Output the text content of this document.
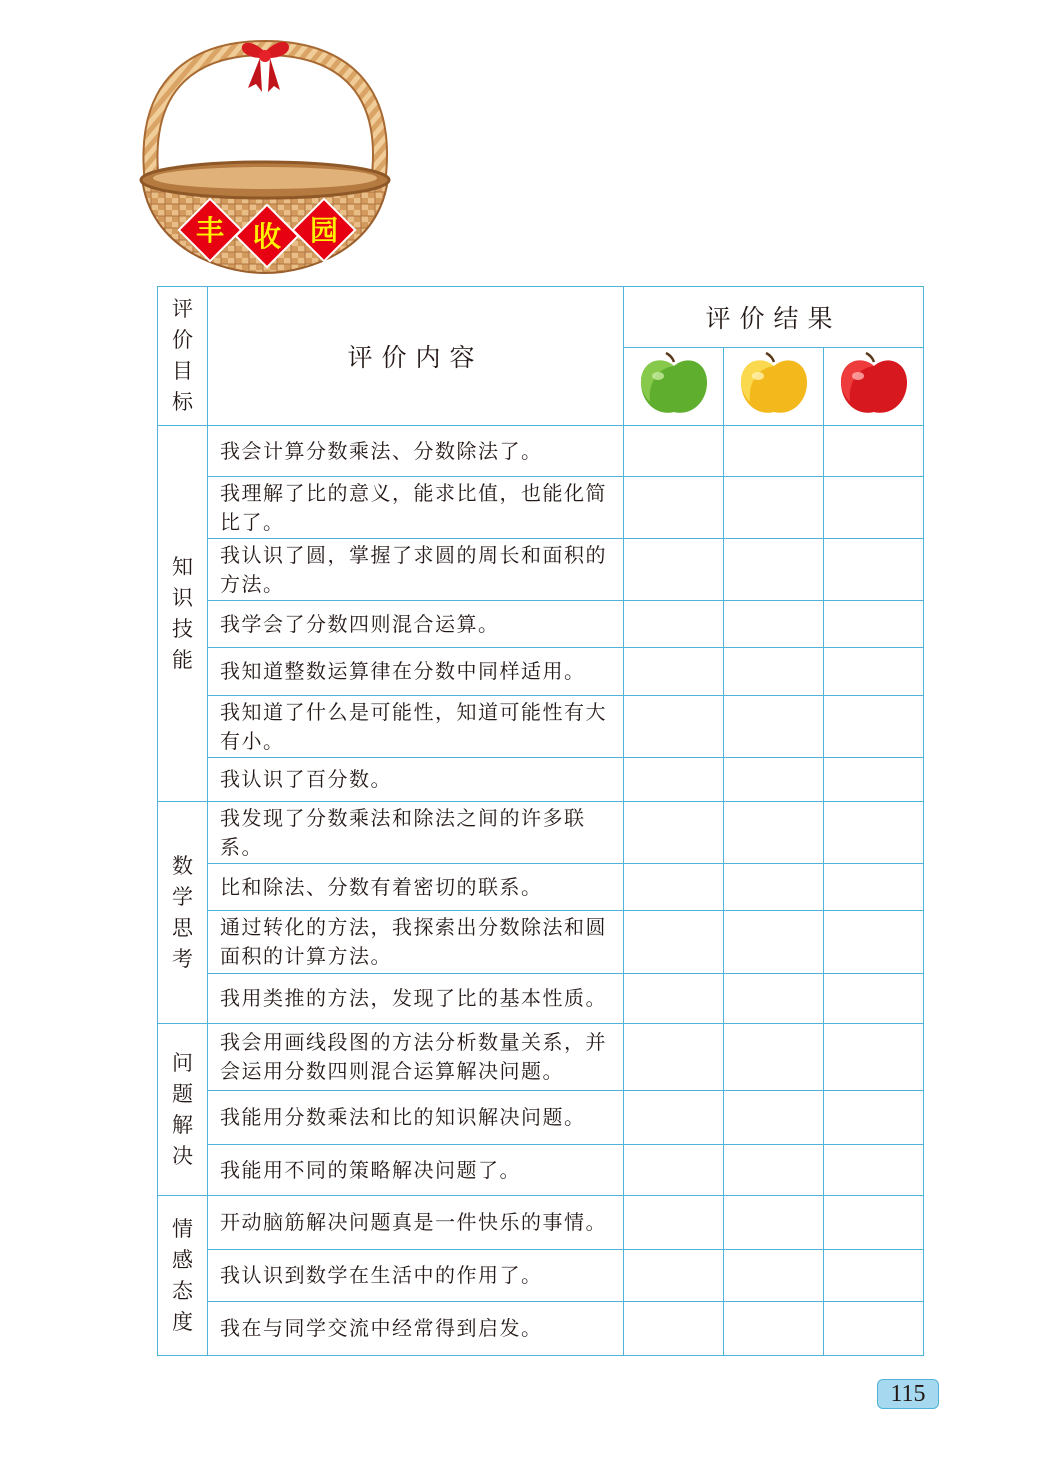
丰 收 园
评
价
目
标	评价内容	评价结果		

知
识
技
能	我会计算分数乘法、分数除法了。			
	我理解了比的意义，能求比值，也能化简比了。			
	我认识了圆，掌握了求圆的周长和面积的方法。			
	我学会了分数四则混合运算。			
	我知道整数运算律在分数中同样适用。			
	我知道了什么是可能性，知道可能性有大有小。			
	我认识了百分数。			

数
学
思
考	我发现了分数乘法和除法之间的许多联系。			
	比和除法、分数有着密切的联系。			
	通过转化的方法，我探索出分数除法和圆面积的计算方法。			
	我用类推的方法，发现了比的基本性质。			

问
题
解
决	我会用画线段图的方法分析数量关系，并会运用分数四则混合运算解决问题。			
	我能用分数乘法和比的知识解决问题。			
	我能用不同的策略解决问题了。			

情
感
态
度	开动脑筋解决问题真是一件快乐的事情。			
	我认识到数学在生活中的作用了。			
	我在与同学交流中经常得到启发。			
115
